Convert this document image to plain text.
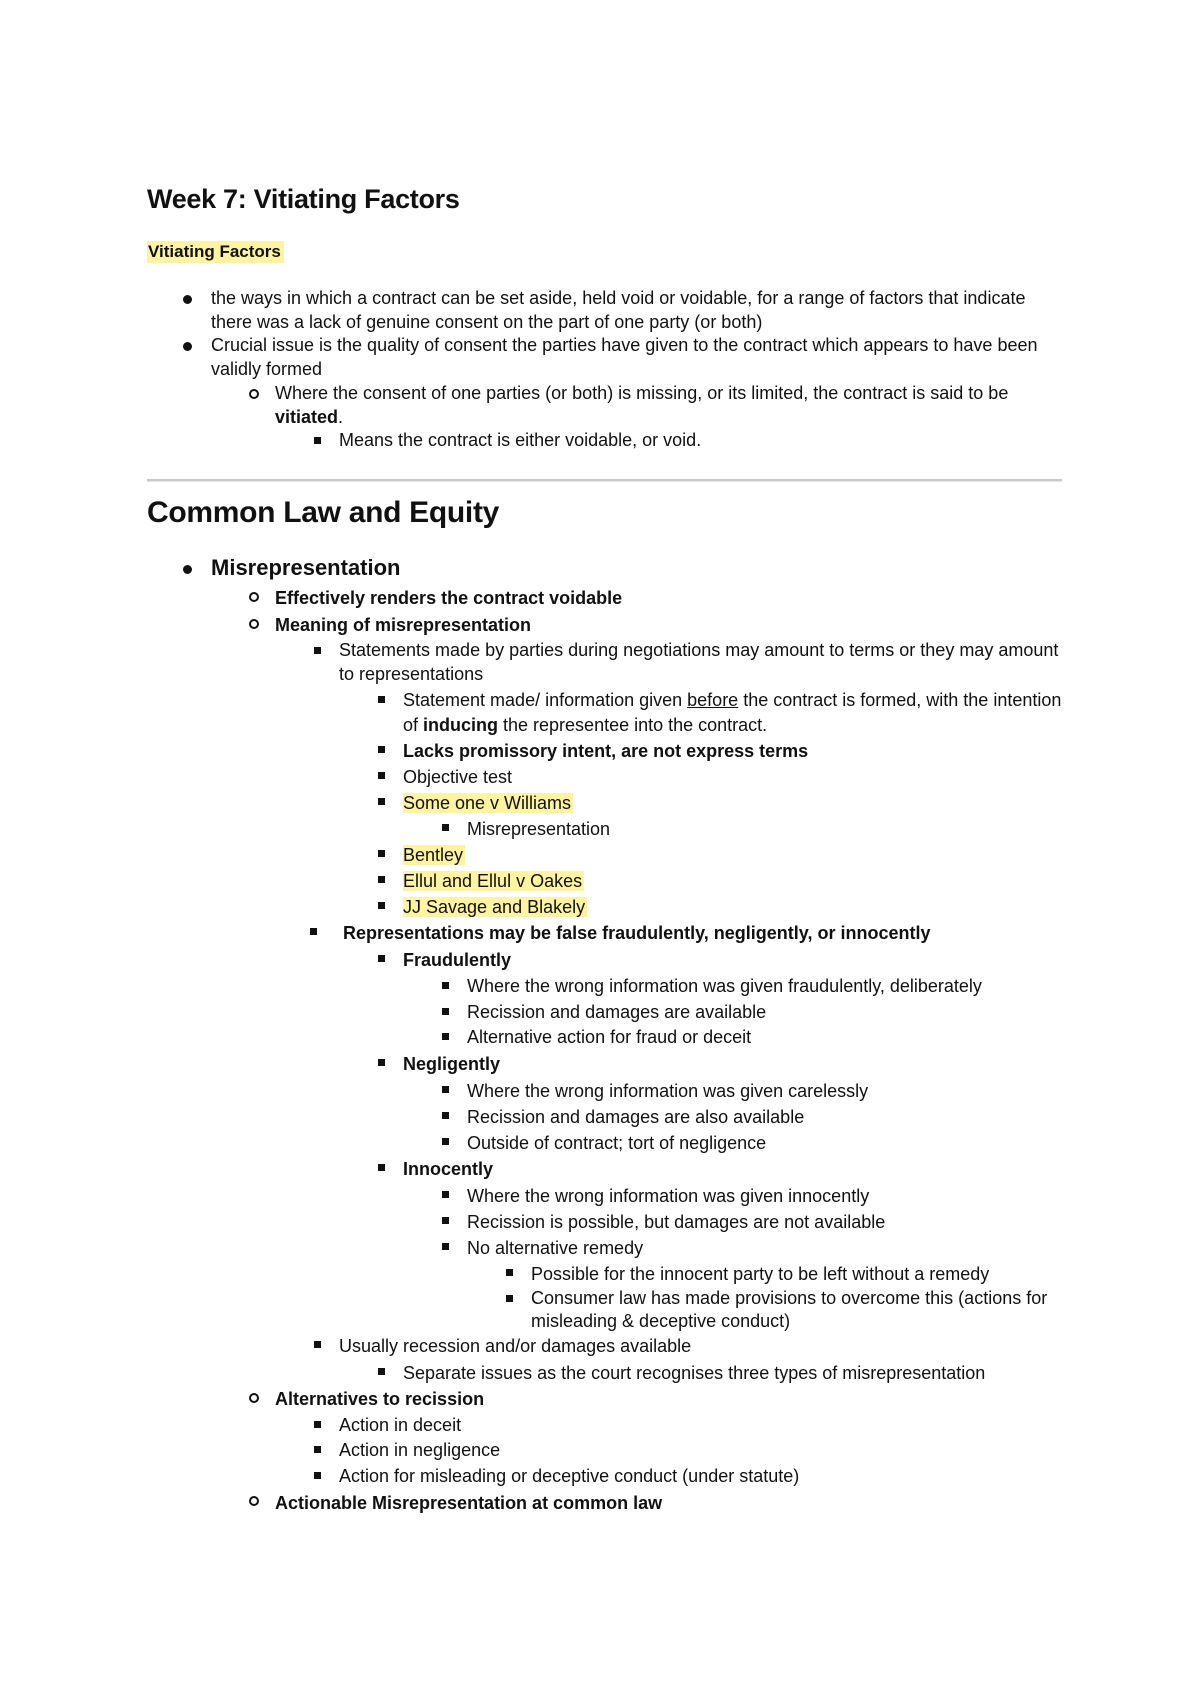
Week 7: Vitiating Factors
Vitiating Factors
the ways in which a contract can be set aside, held void or voidable, for a range of factors that indicate there was a lack of genuine consent on the part of one party (or both)
Crucial issue is the quality of consent the parties have given to the contract which appears to have been validly formed
Where the consent of one parties (or both) is missing, or its limited, the contract is said to be vitiated.
Means the contract is either voidable, or void.
Common Law and Equity
Misrepresentation
Effectively renders the contract voidable
Meaning of misrepresentation
Statements made by parties during negotiations may amount to terms or they may amount to representations
Statement made/ information given before the contract is formed, with the intention of inducing the representee into the contract.
Lacks promissory intent, are not express terms
Objective test
Some one v Williams
Misrepresentation
Bentley
Ellul and Ellul v Oakes
JJ Savage and Blakely
Representations may be false fraudulently, negligently, or innocently
Fraudulently
Where the wrong information was given fraudulently, deliberately
Recission and damages are available
Alternative action for fraud or deceit
Negligently
Where the wrong information was given carelessly
Recission and damages are also available
Outside of contract; tort of negligence
Innocently
Where the wrong information was given innocently
Recission is possible, but damages are not available
No alternative remedy
Possible for the innocent party to be left without a remedy
Consumer law has made provisions to overcome this (actions for misleading & deceptive conduct)
Usually recession and/or damages available
Separate issues as the court recognises three types of misrepresentation
Alternatives to recission
Action in deceit
Action in negligence
Action for misleading or deceptive conduct (under statute)
Actionable Misrepresentation at common law
